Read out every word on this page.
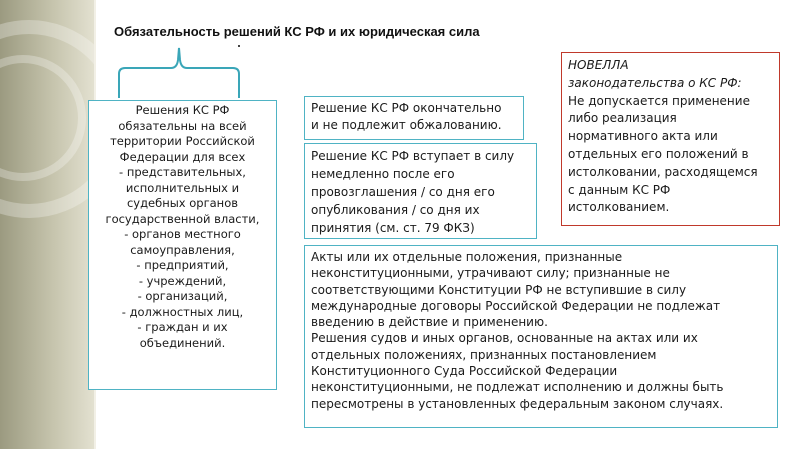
Обязательность решений КС РФ и их юридическая сила
Решения КС РФ
обязательны на всей
территории Российской
Федерации для всех
- представительных,
исполнительных и
судебных органов
государственной власти,
- органов местного
самоуправления,
- предприятий,
- учреждений,
- организаций,
- должностных лиц,
- граждан и их
объединений.
Решение КС РФ окончательно
и не подлежит обжалованию.
Решение КС РФ вступает в силу
немедленно после его
провозглашения / со дня его
опубликования / со дня их
принятия (см. ст. 79 ФКЗ)
НОВЕЛЛА
законодательства о КС РФ:
Не допускается применение
либо реализация
нормативного акта или
отдельных его положений в
истолковании, расходящемся
с данным КС РФ
истолкованием.
Акты или их отдельные положения, признанные
неконституционными, утрачивают силу; признанные не
соответствующими Конституции РФ не вступившие в силу
международные договоры Российской Федерации не подлежат
введению в действие и применению.
Решения судов и иных органов, основанные на актах или их
отдельных положениях, признанных постановлением
Конституционного Суда Российской Федерации
неконституционными, не подлежат исполнению и должны быть
пересмотрены в установленных федеральным законом случаях.
